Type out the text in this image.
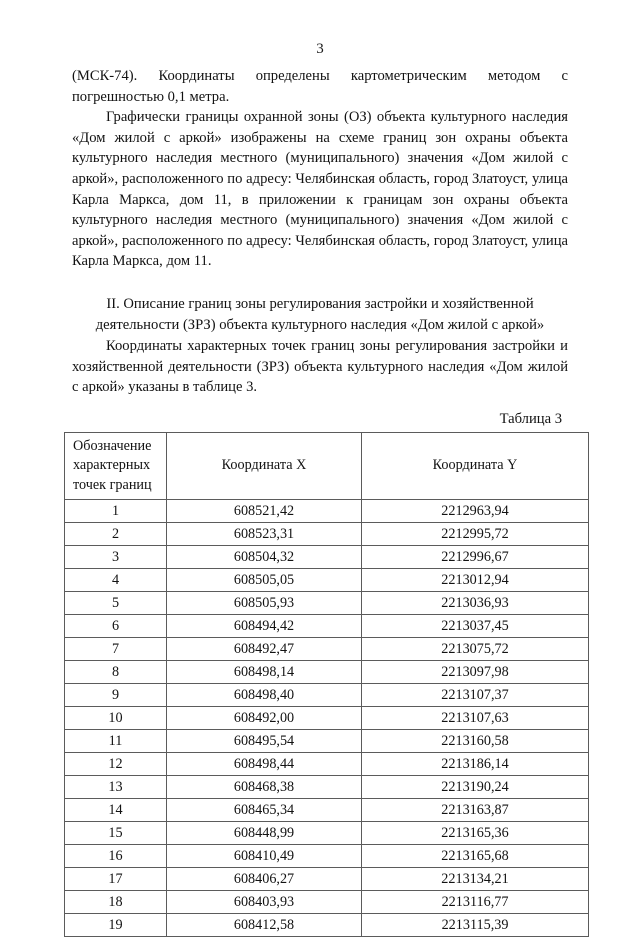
3

(МСК-74). Координаты определены картометрическим методом с погрешностью 0,1 метра.

Графически границы охранной зоны (ОЗ) объекта культурного наследия «Дом жилой с аркой» изображены на схеме границ зон охраны объекта культурного наследия местного (муниципального) значения «Дом жилой с аркой», расположенного по адресу: Челябинская область, город Златоуст, улица Карла Маркса, дом 11, в приложении к границам зон охраны объекта культурного наследия местного (муниципального) значения «Дом жилой с аркой», расположенного по адресу: Челябинская область, город Златоуст, улица Карла Маркса, дом 11.

II. Описание границ зоны регулирования застройки и хозяйственной
деятельности (ЗРЗ) объекта культурного наследия «Дом жилой с аркой»

Координаты характерных точек границ зоны регулирования застройки и хозяйственной деятельности (ЗРЗ) объекта культурного наследия «Дом жилой с аркой» указаны в таблице 3.

Таблица 3
Обозначение характерных точек границ	Координата X	Координата Y
1	608521,42	2212963,94
2	608523,31	2212995,72
3	608504,32	2212996,67
4	608505,05	2213012,94
5	608505,93	2213036,93
6	608494,42	2213037,45
7	608492,47	2213075,72
8	608498,14	2213097,98
9	608498,40	2213107,37
10	608492,00	2213107,63
11	608495,54	2213160,58
12	608498,44	2213186,14
13	608468,38	2213190,24
14	608465,34	2213163,87
15	608448,99	2213165,36
16	608410,49	2213165,68
17	608406,27	2213134,21
18	608403,93	2213116,77
19	608412,58	2213115,39
